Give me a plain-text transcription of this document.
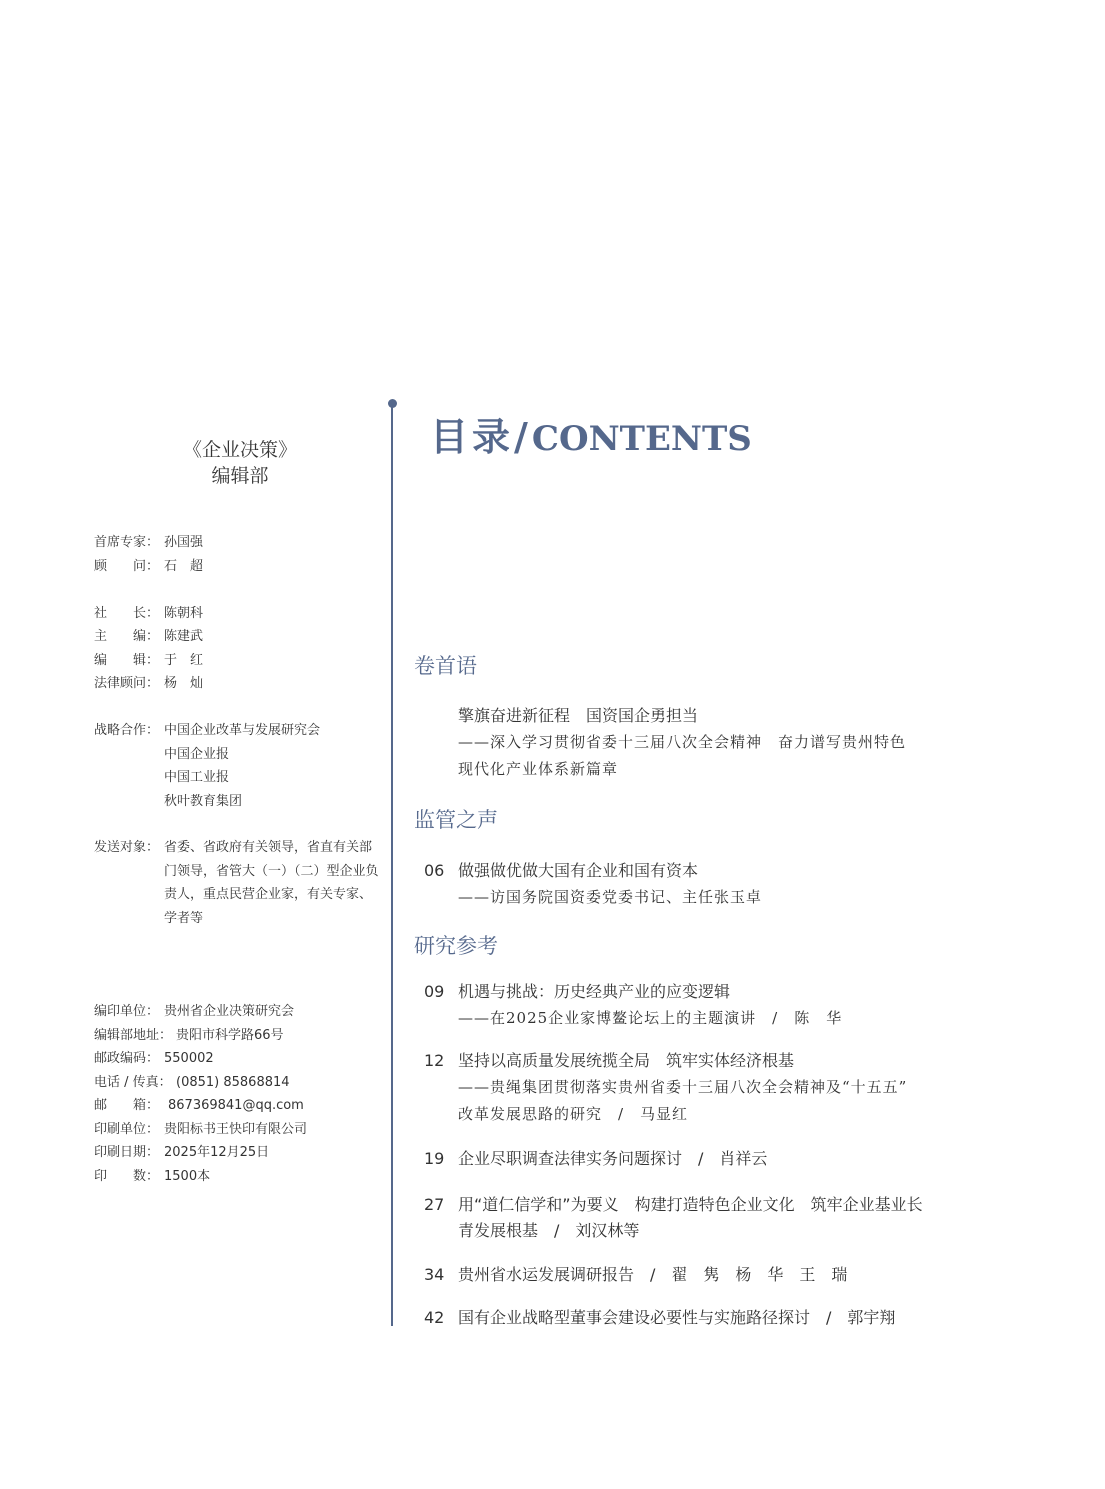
《企业决策》
编辑部
首席专家： 孙国强
顾　　问： 石　超
社　　长： 陈朝科
主　　编： 陈建武
编　　辑： 于　红
法律顾问： 杨　灿
战略合作： 中国企业改革与发展研究会
中国企业报
中国工业报
秋叶教育集团
发送对象： 省委、省政府有关领导，省直有关部门领导，省管大（一）（二）型企业负责人，重点民营企业家，有关专家、学者等
编印单位： 贵州省企业决策研究会
编辑部地址： 贵阳市科学路66号
邮政编码： 550002
电话 / 传真： (0851) 85868814
邮　　箱： 867369841@qq.com
印刷单位： 贵阳标书王快印有限公司
印刷日期： 2025年12月25日
印　　数： 1500本
目录/ CONTENTS
卷首语
擎旗奋进新征程　国资国企勇担当
——深入学习贯彻省委十三届八次全会精神　奋力谱写贵州特色
现代化产业体系新篇章
监管之声
06 做强做优做大国有企业和国有资本
——访国务院国资委党委书记、主任张玉卓
研究参考
09 机遇与挑战：历史经典产业的应变逻辑
——在2025企业家博鳌论坛上的主题演讲　/　陈　华
12 坚持以高质量发展统揽全局　筑牢实体经济根基
——贵绳集团贯彻落实贵州省委十三届八次全会精神及“十五五”
改革发展思路的研究　/　马显红
19 企业尽职调查法律实务问题探讨　/　肖祥云
27 用“道仁信学和”为要义　构建打造特色企业文化　筑牢企业基业长
青发展根基　/　刘汉林等
34 贵州省水运发展调研报告　/　翟　隽　杨　华　王　瑞
42 国有企业战略型董事会建设必要性与实施路径探讨　/　郭宇翔
